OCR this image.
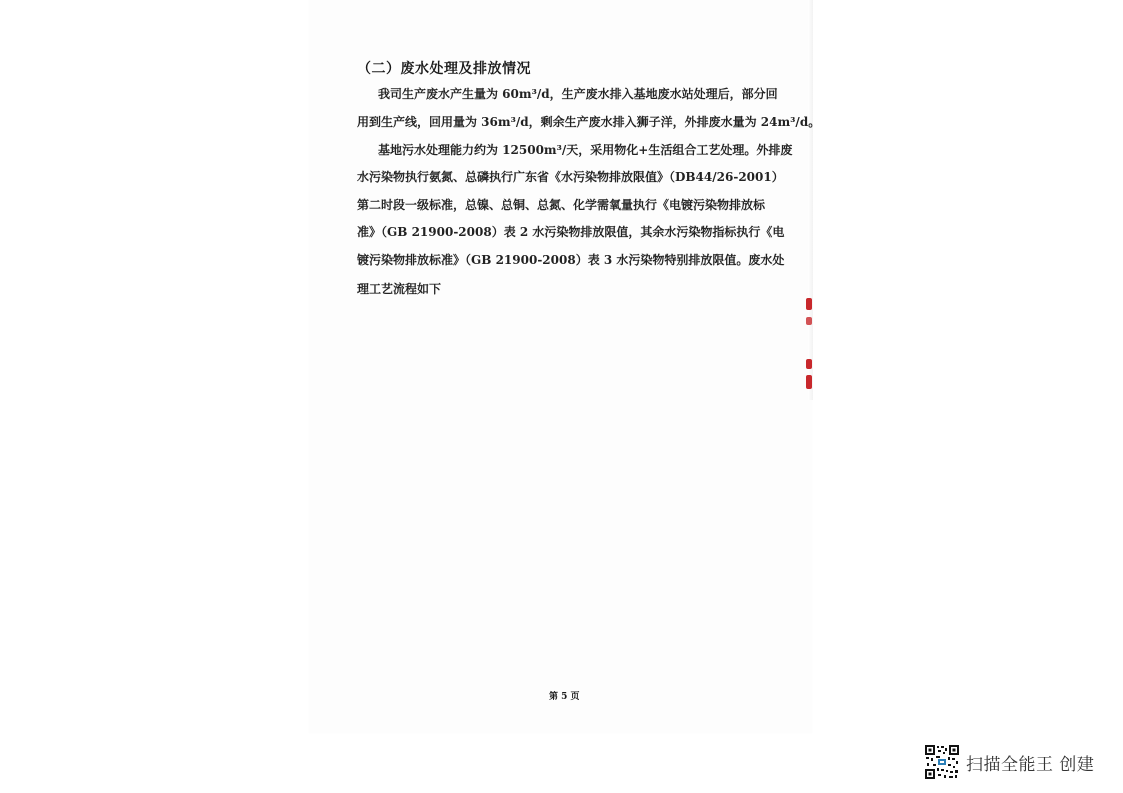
（二）废水处理及排放情况
我司生产废水产生量为 60m³/d，生产废水排入基地废水站处理后，部分回
用到生产线，回用量为 36m³/d，剩余生产废水排入狮子洋，外排废水量为 24m³/d。
基地污水处理能力约为 12500m³/天，采用物化+生活组合工艺处理。外排废
水污染物执行氨氮、总磷执行广东省《水污染物排放限值》（DB44/26-2001）
第二时段一级标准，总镍、总铜、总氮、化学需氧量执行《电镀污染物排放标
准》（GB 21900-2008）表 2 水污染物排放限值，其余水污染物指标执行《电
镀污染物排放标准》（GB 21900-2008）表 3 水污染物特别排放限值。废水处
理工艺流程如下
第 5 页
扫描全能王 创建
